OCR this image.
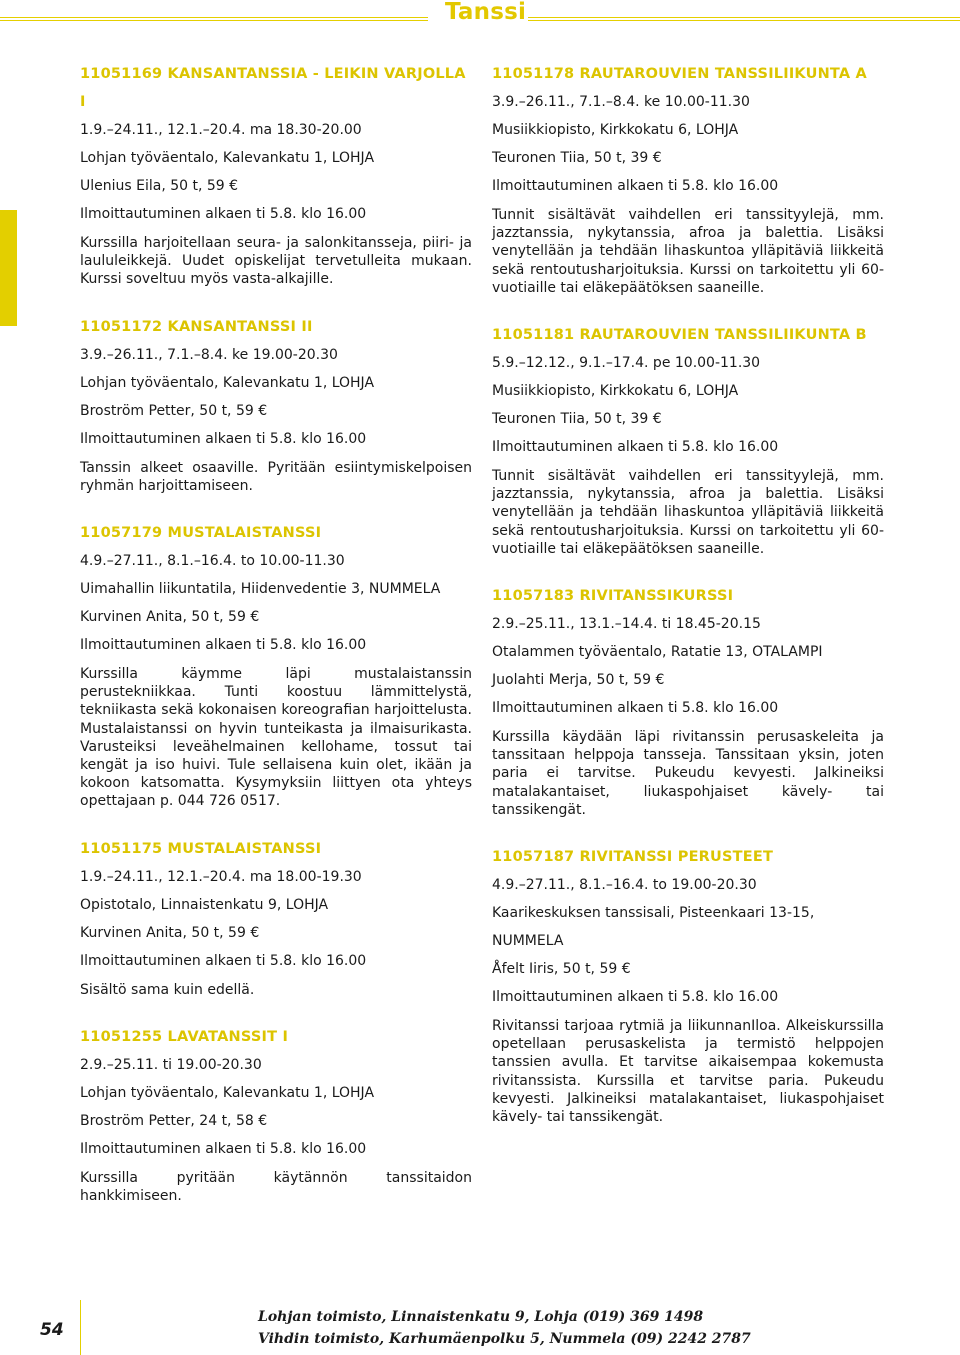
Tanssi

11051169 KANSANTANSSIA - LEIKIN VARJOLLA I

1.9.–24.11., 12.1.–20.4. ma 18.30-20.00

Lohjan työväentalo, Kalevankatu 1, LOHJA

Ulenius Eila, 50 t, 59 €

Ilmoittautuminen alkaen ti 5.8. klo 16.00

Kurssilla harjoitellaan seura- ja salonkitansseja, piiri- ja laululeikkejä. Uudet opiskelijat tervetulleita mukaan. Kurssi soveltuu myös vasta-alkajille.

11051172 KANSANTANSSI II

3.9.–26.11., 7.1.–8.4. ke 19.00-20.30

Lohjan työväentalo, Kalevankatu 1, LOHJA

Broström Petter, 50 t, 59 €

Ilmoittautuminen alkaen ti 5.8. klo 16.00

Tanssin alkeet osaaville. Pyritään esiintymiskelpoisen ryhmän harjoittamiseen.

11057179 MUSTALAISTANSSI

4.9.–27.11., 8.1.–16.4. to 10.00-11.30

Uimahallin liikuntatila, Hiidenvedentie 3, NUMMELA

Kurvinen Anita, 50 t, 59 €

Ilmoittautuminen alkaen ti 5.8. klo 16.00

Kurssilla käymme läpi mustalaistanssin perustekniikkaa. Tunti koostuu lämmittelystä, tekniikasta sekä kokonaisen koreografian harjoittelusta. Mustalaistanssi on hyvin tunteikasta ja ilmaisurikasta. Varusteiksi leveähelmainen kellohame, tossut tai kengät ja iso huivi. Tule sellaisena kuin olet, ikään ja kokoon katsomatta. Kysymyksiin liittyen ota yhteys opettajaan p. 044 726 0517.

11051175 MUSTALAISTANSSI

1.9.–24.11., 12.1.–20.4. ma 18.00-19.30

Opistotalo, Linnaistenkatu 9, LOHJA

Kurvinen Anita, 50 t, 59 €

Ilmoittautuminen alkaen ti 5.8. klo 16.00

Sisältö sama kuin edellä.

11051255 LAVATANSSIT I

2.9.–25.11. ti 19.00-20.30

Lohjan työväentalo, Kalevankatu 1, LOHJA

Broström Petter, 24 t, 58 €

Ilmoittautuminen alkaen ti 5.8. klo 16.00

Kurssilla pyritään käytännön tanssitaidon hankkimiseen.

11051178 RAUTAROUVIEN TANSSILIIKUNTA A

3.9.–26.11., 7.1.–8.4. ke 10.00-11.30

Musiikkiopisto, Kirkkokatu 6, LOHJA

Teuronen Tiia, 50 t, 39 €

Ilmoittautuminen alkaen ti 5.8. klo 16.00

Tunnit sisältävät vaihdellen eri tanssityylejä, mm. jazztanssia, nykytanssia, afroa ja balettia. Lisäksi venytellään ja tehdään lihaskuntoa ylläpitäviä liikkeitä sekä rentoutusharjoituksia. Kurssi on tarkoitettu yli 60-vuotiaille tai eläkepäätöksen saaneille.

11051181 RAUTAROUVIEN TANSSILIIKUNTA B

5.9.–12.12., 9.1.–17.4. pe 10.00-11.30

Musiikkiopisto, Kirkkokatu 6, LOHJA

Teuronen Tiia, 50 t, 39 €

Ilmoittautuminen alkaen ti 5.8. klo 16.00

Tunnit sisältävät vaihdellen eri tanssityylejä, mm. jazztanssia, nykytanssia, afroa ja balettia. Lisäksi venytellään ja tehdään lihaskuntoa ylläpitäviä liikkeitä sekä rentoutusharjoituksia. Kurssi on tarkoitettu yli 60-vuotiaille tai eläkepäätöksen saaneille.

11057183 RIVITANSSIKURSSI

2.9.–25.11., 13.1.–14.4. ti 18.45-20.15

Otalammen työväentalo, Ratatie 13, OTALAMPI

Juolahti Merja, 50 t, 59 €

Ilmoittautuminen alkaen ti 5.8. klo 16.00

Kurssilla käydään läpi rivitanssin perusaskeleita ja tanssitaan helppoja tansseja. Tanssitaan yksin, joten paria ei tarvitse. Pukeudu kevyesti. Jalkineiksi matalakantaiset, liukaspohjaiset kävely- tai tanssikengät.

11057187 RIVITANSSI PERUSTEET

4.9.–27.11., 8.1.–16.4. to 19.00-20.30

Kaarikeskuksen tanssisali, Pisteenkaari 13-15,

NUMMELA

Åfelt Iiris, 50 t, 59 €

Ilmoittautuminen alkaen ti 5.8. klo 16.00

Rivitanssi tarjoaa rytmiä ja liikunnanIloa. Alkeiskurssilla opetellaan perusaskelista ja termistö helppojen tanssien avulla. Et tarvitse aikaisempaa kokemusta rivitanssista. Kurssilla et tarvitse paria. Pukeudu kevyesti. Jalkineiksi matalakantaiset, liukaspohjaiset kävely- tai tanssikengät.

54
Lohjan toimisto, Linnaistenkatu 9, Lohja (019) 369 1498
Vihdin toimisto, Karhumäenpolku 5, Nummela (09) 2242 2787
